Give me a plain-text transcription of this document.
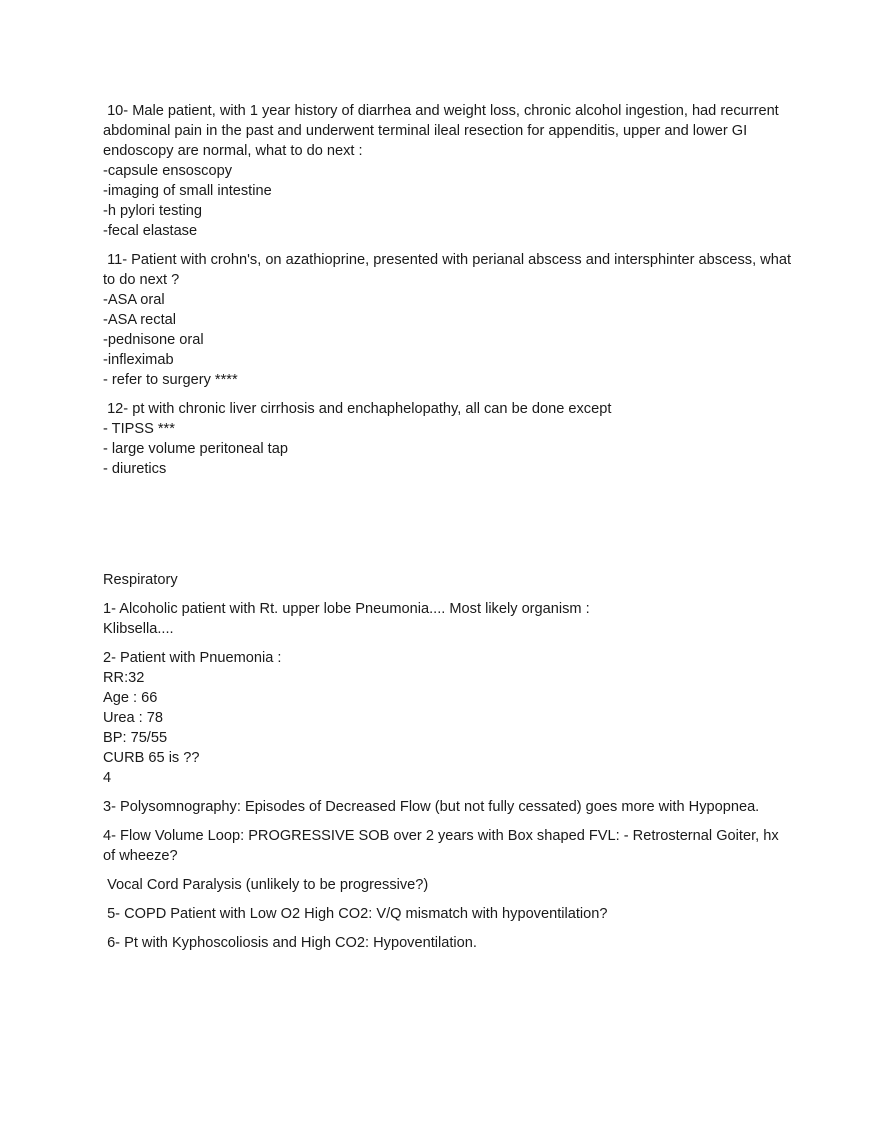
10- Male patient, with 1 year history of diarrhea and weight loss, chronic alcohol ingestion, had recurrent abdominal pain in the past and underwent terminal ileal resection for appenditis, upper and lower GI endoscopy are normal, what to do next :
-capsule ensoscopy
-imaging of small intestine
-h pylori testing
-fecal elastase
11- Patient with crohn's, on azathioprine, presented with perianal abscess and intersphinter abscess, what to do next ?
-ASA oral
-ASA rectal
-pednisone oral
-infleximab
- refer to surgery ****
12- pt with chronic liver cirrhosis and enchaphelopathy, all can be done except
- TIPSS ***
- large volume peritoneal tap
- diuretics
Respiratory
1- Alcoholic patient with Rt. upper lobe Pneumonia.... Most likely organism :
Klibsella....
2- Patient with Pnuemonia :
RR:32
Age : 66
Urea : 78
BP: 75/55
CURB 65 is ??
4
3- Polysomnography: Episodes of Decreased Flow (but not fully cessated) goes more with Hypopnea.
4- Flow Volume Loop: PROGRESSIVE SOB over 2 years with Box shaped FVL: - Retrosternal Goiter, hx of wheeze?
Vocal Cord Paralysis (unlikely to be progressive?)
5- COPD Patient with Low O2 High CO2: V/Q mismatch with hypoventilation?
6- Pt with Kyphoscoliosis and High CO2: Hypoventilation.
